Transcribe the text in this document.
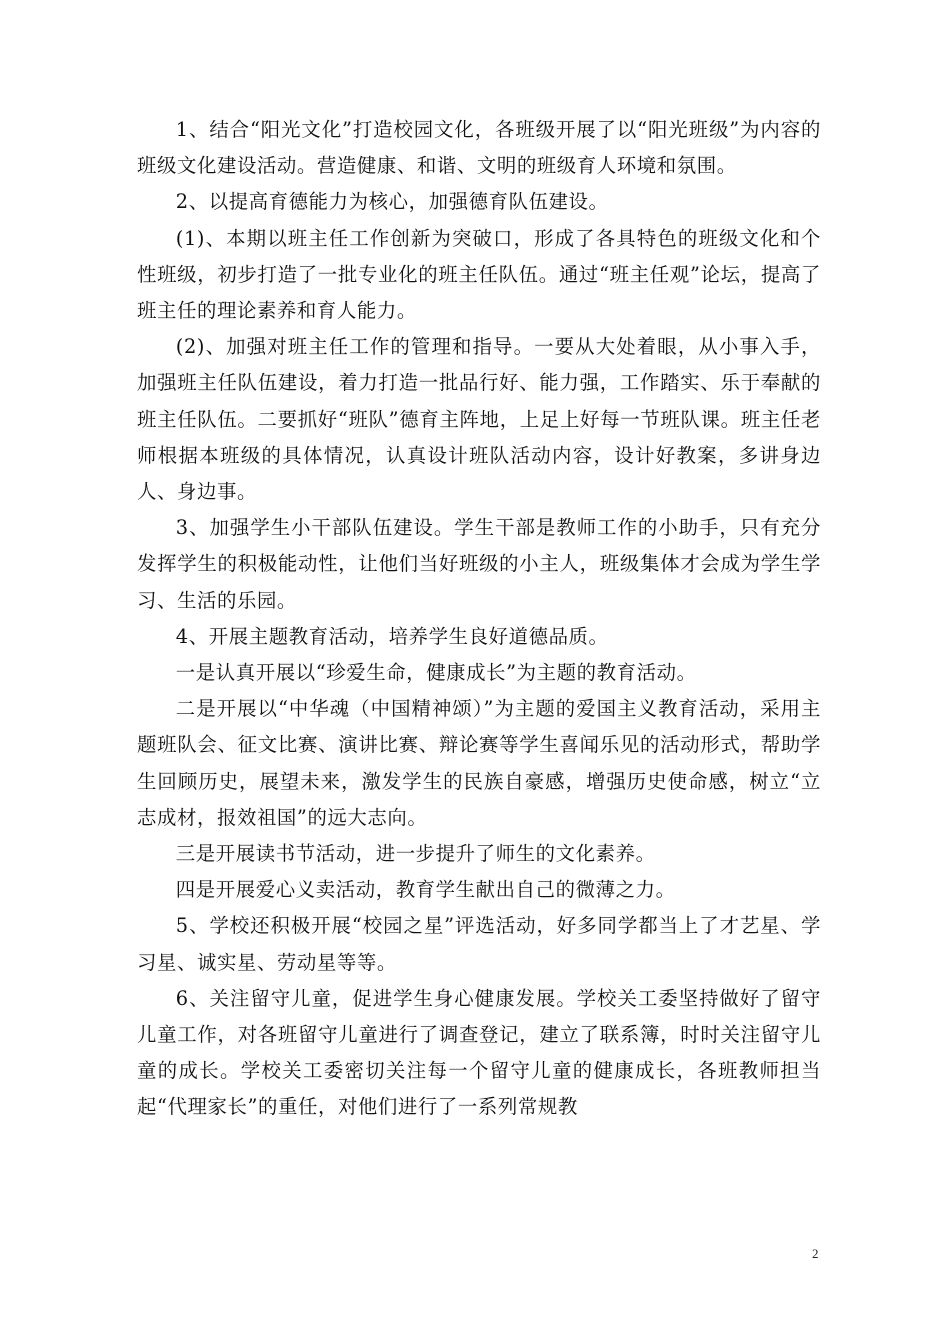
1、结合“阳光文化”打造校园文化，各班级开展了以“阳光班级”为内容的班级文化建设活动。营造健康、和谐、文明的班级育人环境和氛围。

2、以提高育德能力为核心，加强德育队伍建设。

(1)、本期以班主任工作创新为突破口，形成了各具特色的班级文化和个性班级，初步打造了一批专业化的班主任队伍。通过“班主任观”论坛，提高了班主任的理论素养和育人能力。

(2)、加强对班主任工作的管理和指导。一要从大处着眼，从小事入手，加强班主任队伍建设，着力打造一批品行好、能力强，工作踏实、乐于奉献的班主任队伍。二要抓好“班队”德育主阵地，上足上好每一节班队课。班主任老师根据本班级的具体情况，认真设计班队活动内容，设计好教案，多讲身边人、身边事。

3、加强学生小干部队伍建设。学生干部是教师工作的小助手，只有充分发挥学生的积极能动性，让他们当好班级的小主人，班级集体才会成为学生学习、生活的乐园。

4、开展主题教育活动，培养学生良好道德品质。

一是认真开展以“珍爱生命，健康成长”为主题的教育活动。

二是开展以“中华魂（中国精神颂）”为主题的爱国主义教育活动，采用主题班队会、征文比赛、演讲比赛、辩论赛等学生喜闻乐见的活动形式，帮助学生回顾历史，展望未来，激发学生的民族自豪感，增强历史使命感，树立“立志成材，报效祖国”的远大志向。

三是开展读书节活动，进一步提升了师生的文化素养。

四是开展爱心义卖活动，教育学生献出自己的微薄之力。

5、学校还积极开展“校园之星”评选活动，好多同学都当上了才艺星、学习星、诚实星、劳动星等等。

6、关注留守儿童，促进学生身心健康发展。学校关工委坚持做好了留守儿童工作，对各班留守儿童进行了调查登记，建立了联系簿，时时关注留守儿童的成长。学校关工委密切关注每一个留守儿童的健康成长，各班教师担当起“代理家长”的重任，对他们进行了一系列常规教

2
